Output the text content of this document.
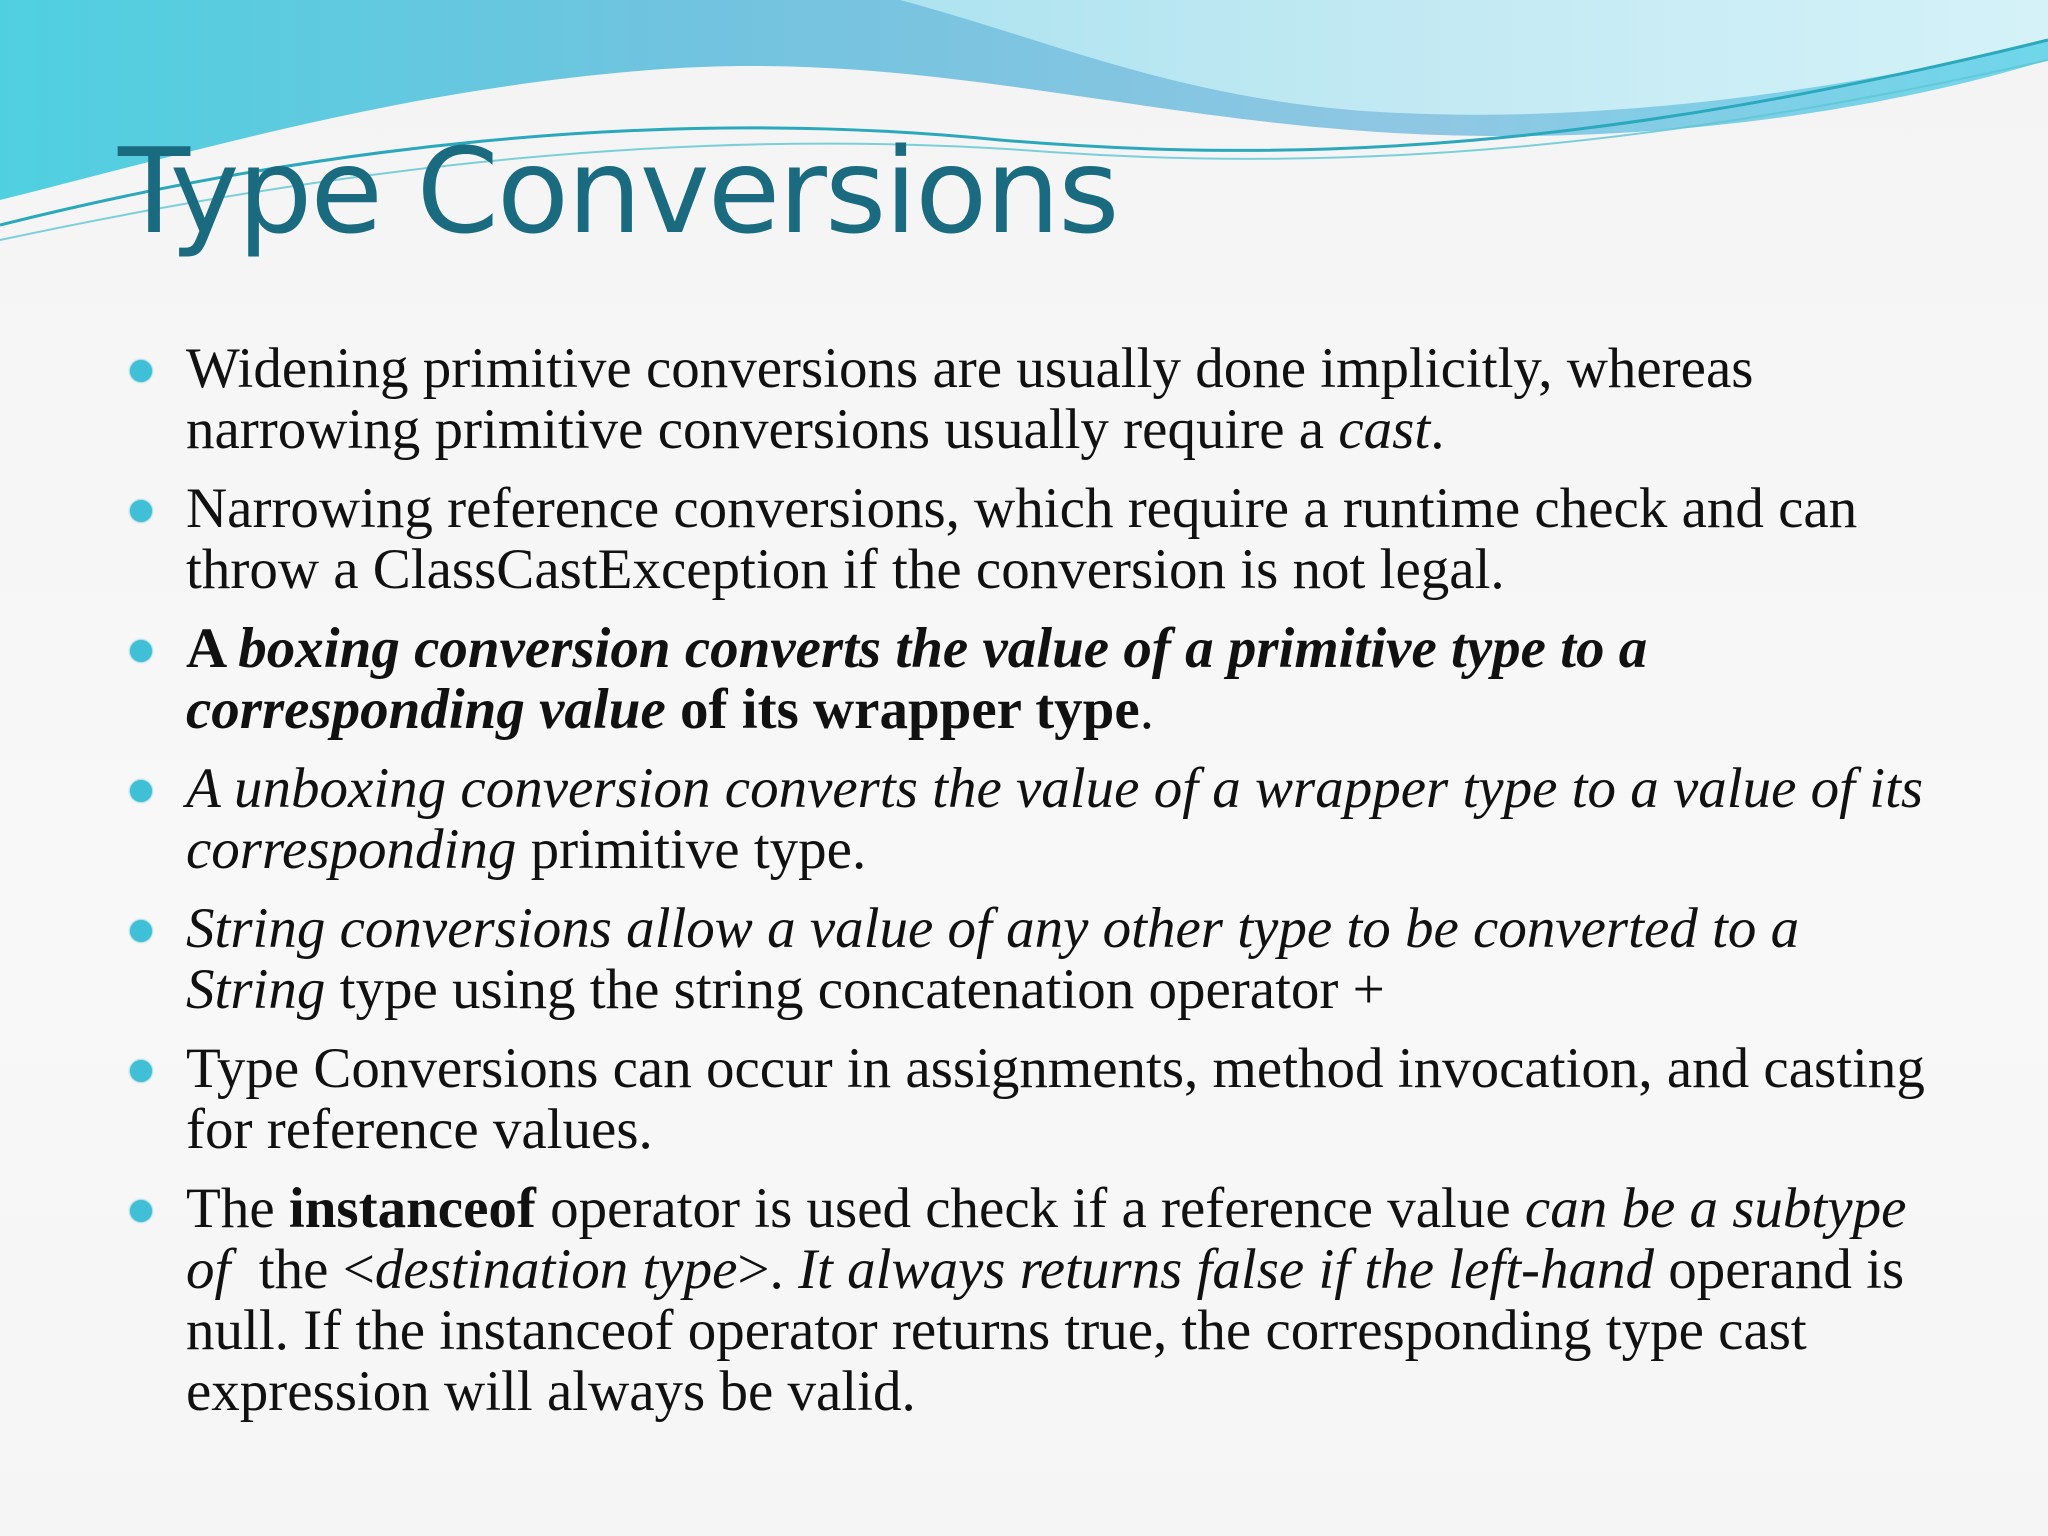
Type Conversions
Widening primitive conversions are usually done implicitly, whereas narrowing primitive conversions usually require a cast.
Narrowing reference conversions, which require a runtime check and can throw a ClassCastException if the conversion is not legal.
A boxing conversion converts the value of a primitive type to a corresponding value of its wrapper type.
A unboxing conversion converts the value of a wrapper type to a value of its corresponding primitive type.
String conversions allow a value of any other type to be converted to a String type using the string concatenation operator +
Type Conversions can occur in assignments, method invocation, and casting for reference values.
The instanceof operator is used check if a reference value can be a subtype of  the <destination type>. It always returns false if the left-hand operand is null. If the instanceof operator returns true, the corresponding type cast expression will always be valid.
